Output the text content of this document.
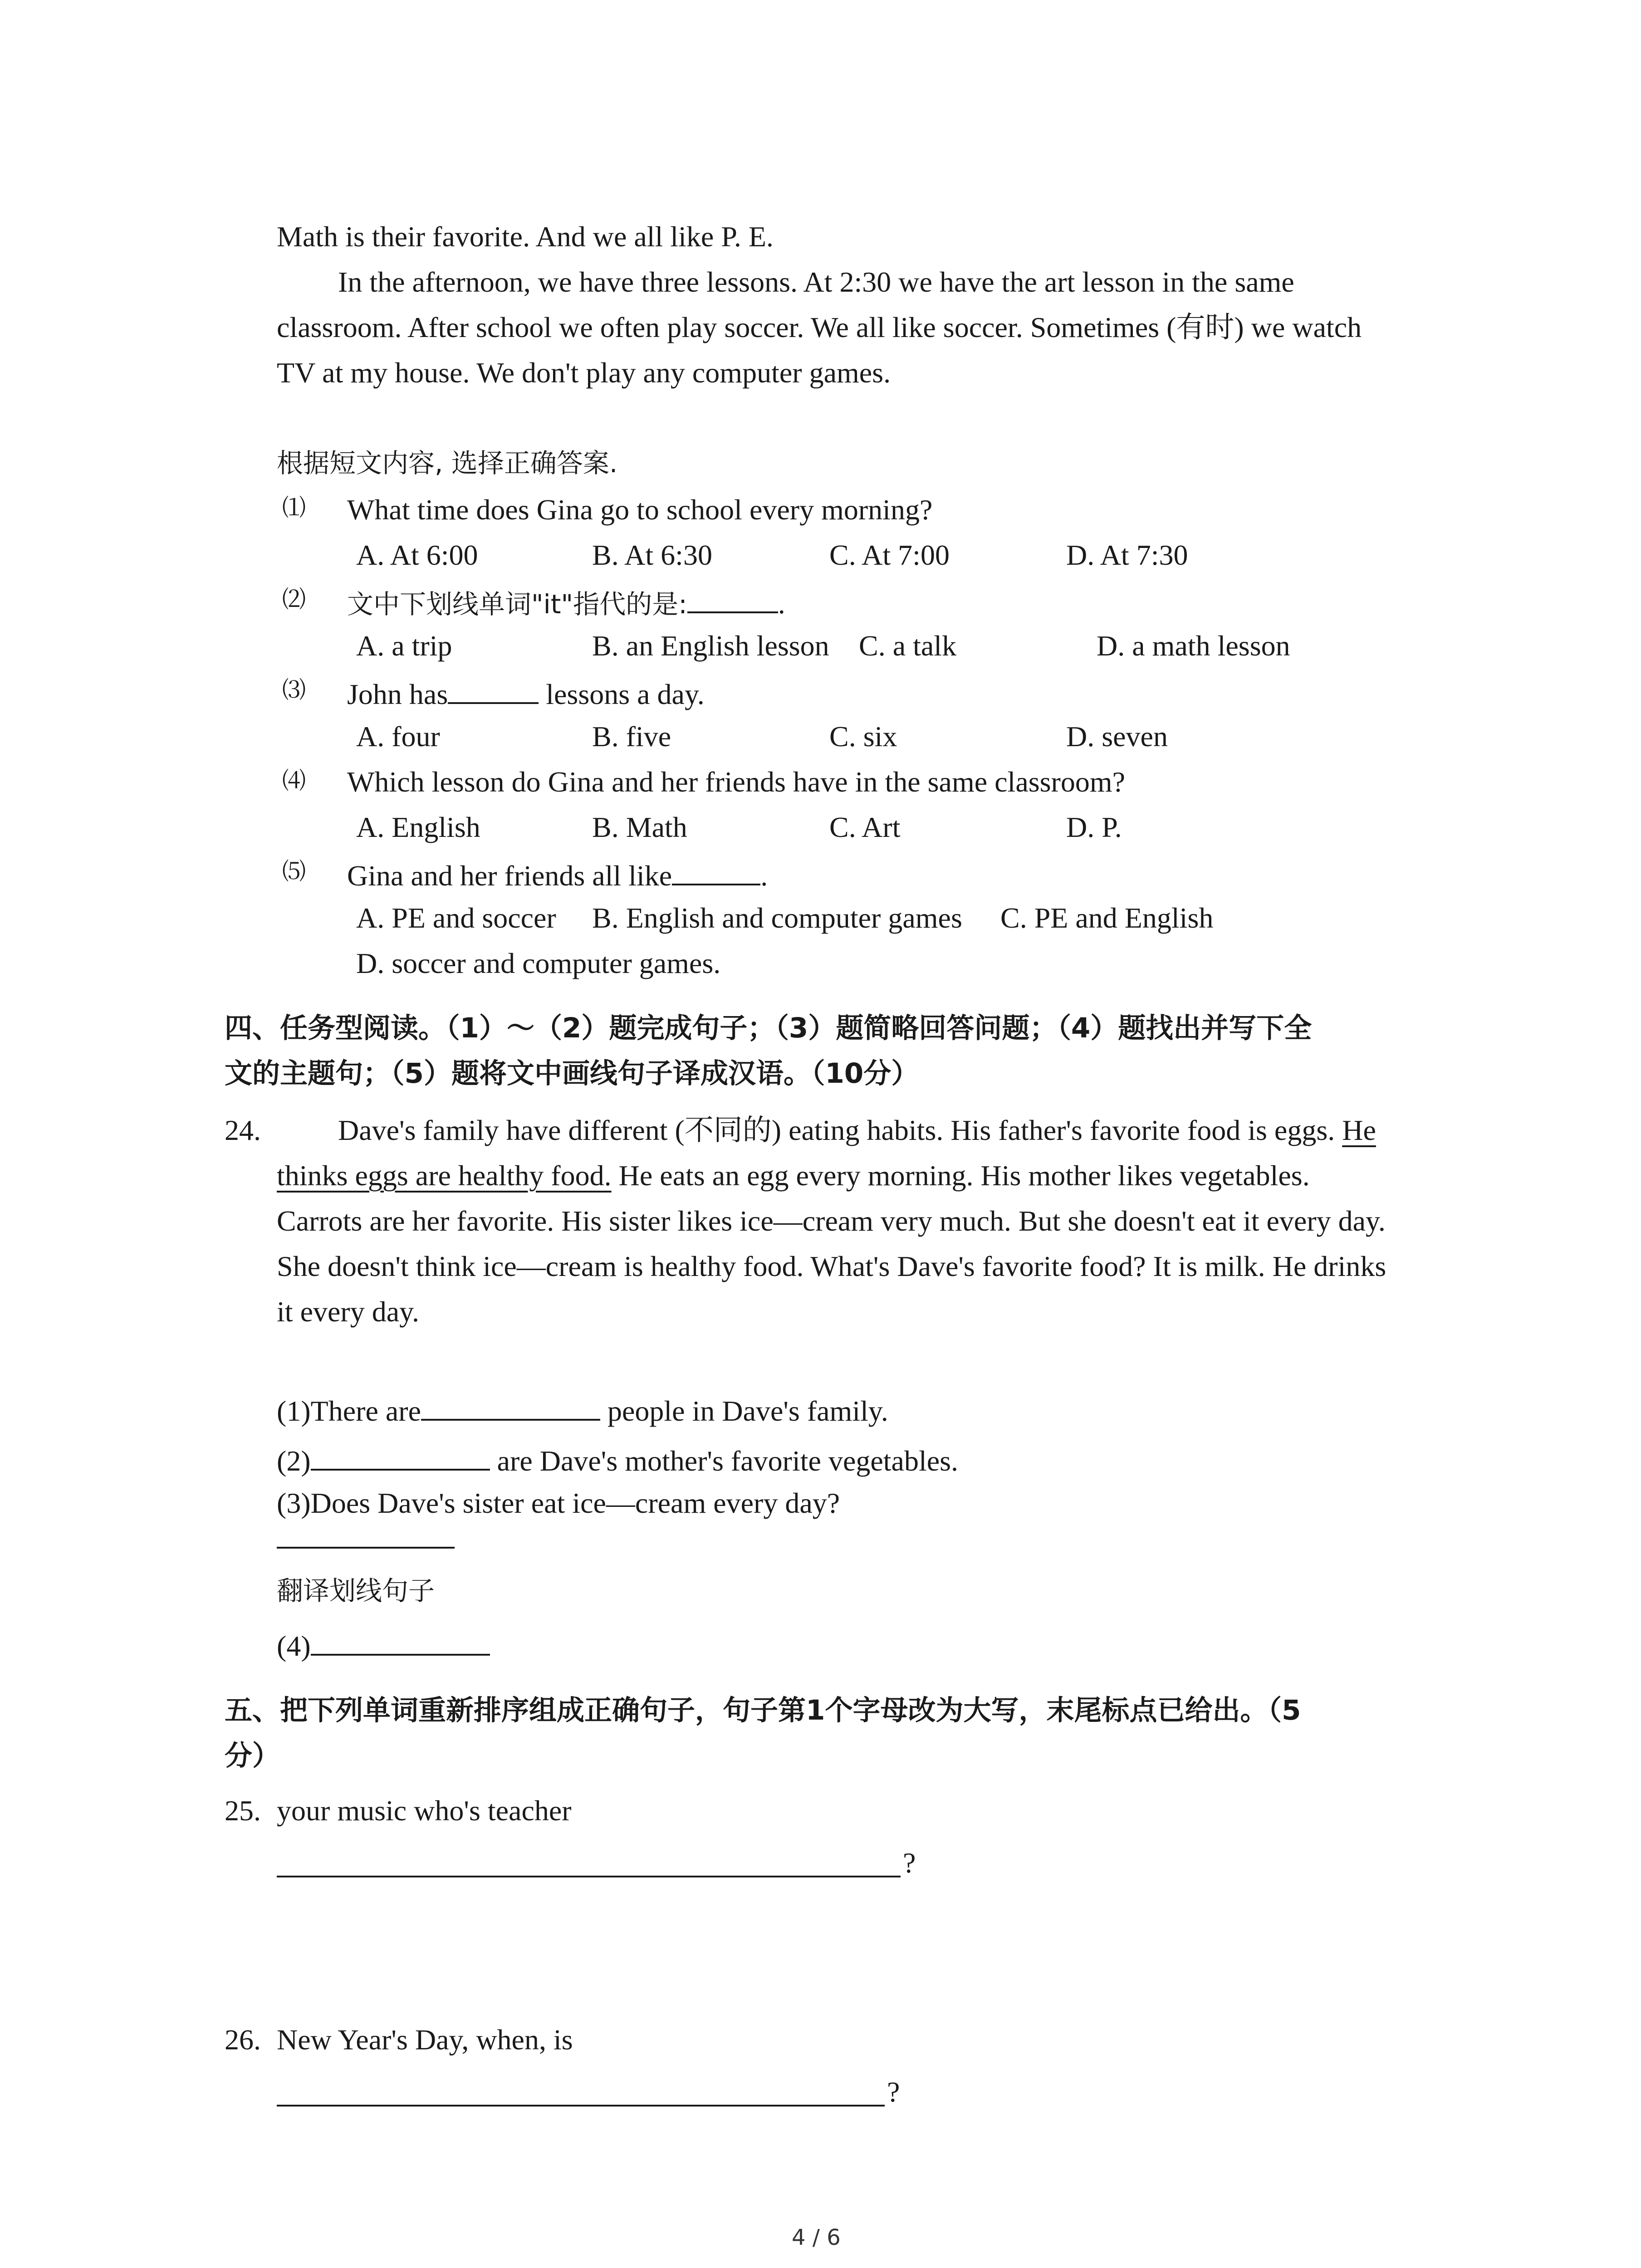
Math is their favorite. And we all like P. E.
In the afternoon, we have three lessons. At 2:30 we have the art lesson in the same
classroom. After school we often play soccer. We all like soccer. Sometimes (有时) we watch
TV at my house. We don't play any computer games.
根据短文内容, 选择正确答案.
⑴ What time does Gina go to school every morning?
A. At 6:00	B. At 6:30	C. At 7:00	D. At 7:30
⑵ 文中下划线单词"it"指代的是:	.
A. a trip	B. an English lesson C. a talk	D. a math lesson
⑶ John has	lessons a day.
A. four	B. five	C. six	D. seven
⑷ Which lesson do Gina and her friends have in the same classroom?
A. English	B. Math	C. Art	D. P.
⑸ Gina and her friends all like	.
A. PE and soccer B. English and computer games C. PE and English
D. soccer and computer games.
四、任务型阅读。（1）～（2）题完成句子；（3）题简略回答问题；（4）题找出并写下全
文的主题句；（5）题将文中画线句子译成汉语。（10分）
24.	Dave's family have different (不同的) eating habits. His father's favorite food is eggs. He
thinks eggs are healthy food. He eats an egg every morning. His mother likes vegetables.
Carrots are her favorite. His sister likes ice—cream very much. But she doesn't eat it every day.
She doesn't think ice—cream is healthy food. What's Dave's favorite food? It is milk. He drinks
it every day.
(1)There are	people in Dave's family.
(2)	are Dave's mother's favorite vegetables.
(3)Does Dave's sister eat ice—cream every day?
翻译划线句子
(4)
五、把下列单词重新排序组成正确句子，句子第1个字母改为大写，末尾标点已给出。（5
分）
25. your music who's teacher
?
26. New Year's Day, when, is
?
4 / 6
